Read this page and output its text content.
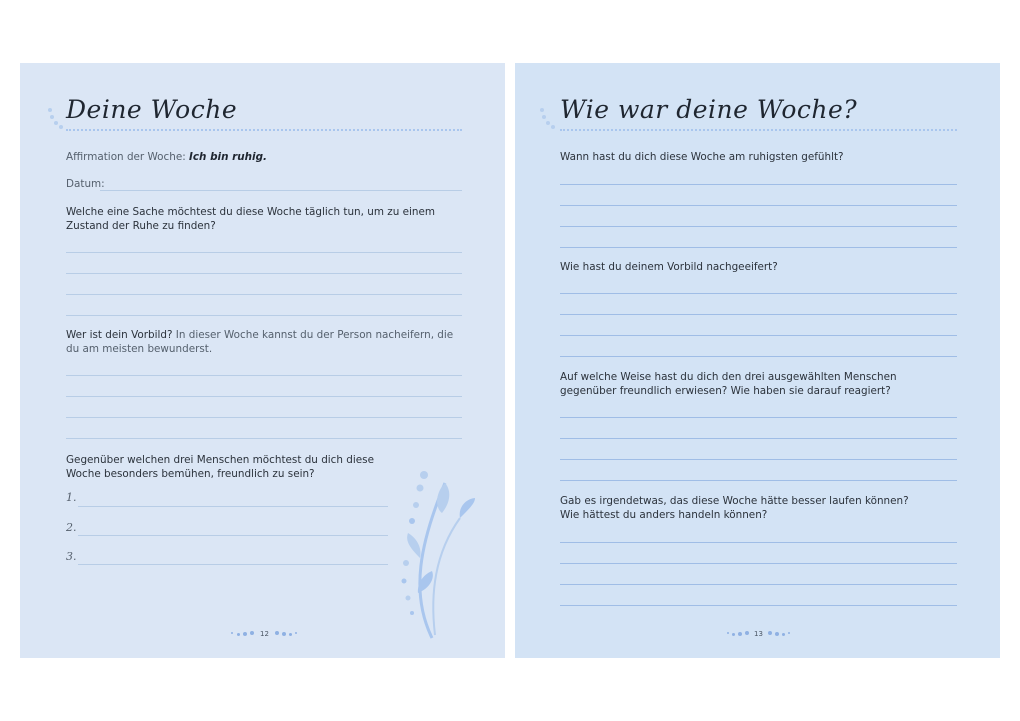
Deine Woche
Affirmation der Woche: Ich bin ruhig.
Datum:
Welche eine Sache möchtest du diese Woche täglich tun, um zu einem Zustand der Ruhe zu finden?
Wer ist dein Vorbild? In dieser Woche kannst du der Person nacheifern, die du am meisten bewunderst.
Gegenüber welchen drei Menschen möchtest du dich diese Woche besonders bemühen, freundlich zu sein?
1.
2.
3.
12
Wie war deine Woche?
Wann hast du dich diese Woche am ruhigsten gefühlt?
Wie hast du deinem Vorbild nachgeeifert?
Auf welche Weise hast du dich den drei ausgewählten Menschen gegenüber freundlich erwiesen? Wie haben sie darauf reagiert?
Gab es irgendetwas, das diese Woche hätte besser laufen können?
Wie hättest du anders handeln können?
13
